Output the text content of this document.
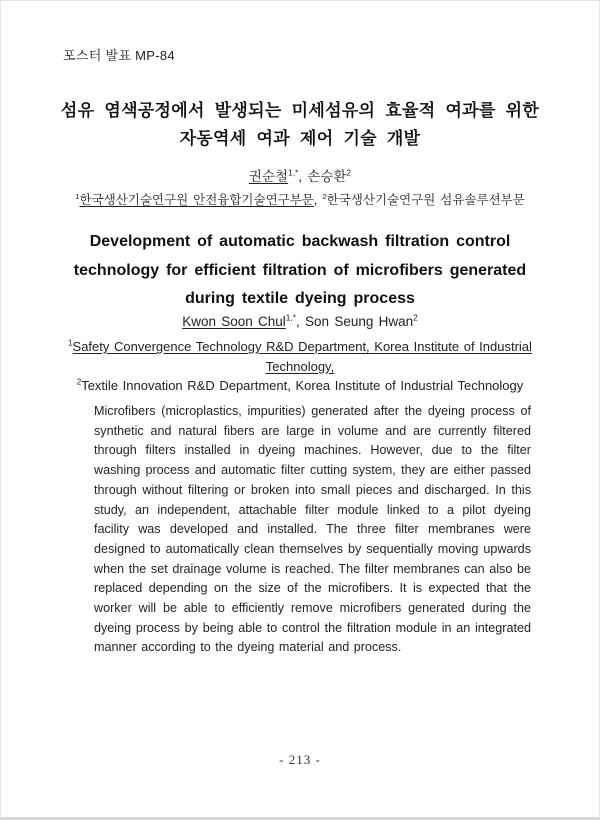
포스터 발표 MP-84
섬유 염색공정에서 발생되는 미세섬유의 효율적 여과를 위한
자동역세 여과 제어 기술 개발
권순철$^{1,*}$, 손승환$^2$
$^1$한국생산기술연구원 안전융합기술연구부문, $^2$한국생산기술연구원 섬유솔루션부문
Development of automatic backwash filtration control
technology for efficient filtration of microfibers generated
during textile dyeing process
Kwon Soon Chul$^{1,*}$, Son Seung Hwan$^2$
$^1$Safety Convergence Technology R&D Department, Korea Institute of Industrial Technology,
$^2$Textile Innovation R&D Department, Korea Institute of Industrial Technology

Microfibers (microplastics, impurities) generated after the dyeing process of synthetic and natural fibers are large in volume and are currently filtered through filters installed in dyeing machines. However, due to the filter washing process and automatic filter cutting system, they are either passed through without filtering or broken into small pieces and discharged. In this study, an independent, attachable filter module linked to a pilot dyeing facility was developed and installed. The three filter membranes were designed to automatically clean themselves by sequentially moving upwards when the set drainage volume is reached. The filter membranes can also be replaced depending on the size of the microfibers. It is expected that the worker will be able to efficiently remove microfibers generated during the dyeing process by being able to control the filtration module in an integrated manner according to the dyeing material and process.

- 213 -
